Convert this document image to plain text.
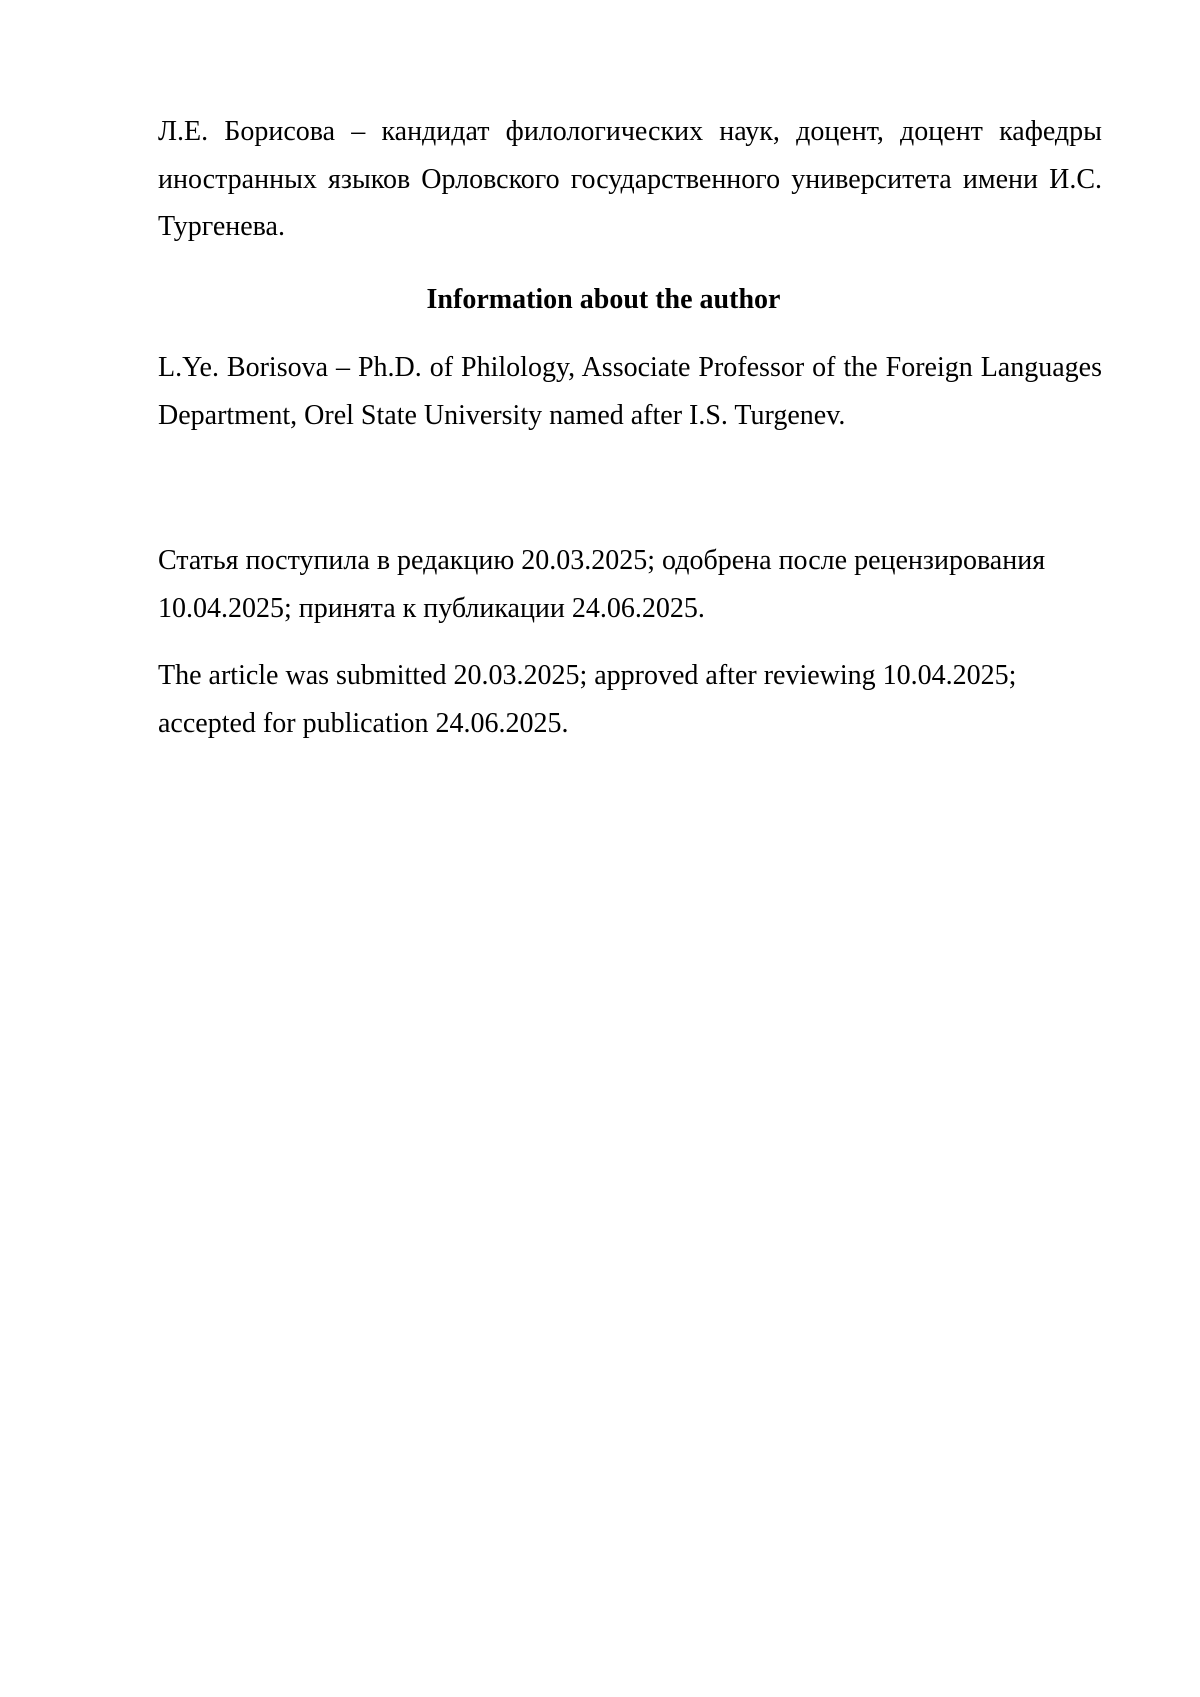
Л.Е. Борисова – кандидат филологических наук, доцент, доцент кафедры иностранных языков Орловского государственного университета имени И.С. Тургенева.

Information about the author

L.Ye. Borisova – Ph.D. of Philology, Associate Professor of the Foreign Languages Department, Orel State University named after I.S. Turgenev.

Статья поступила в редакцию 20.03.2025; одобрена после рецензирования 10.04.2025; принята к публикации 24.06.2025.

The article was submitted 20.03.2025; approved after reviewing 10.04.2025; accepted for publication 24.06.2025.
